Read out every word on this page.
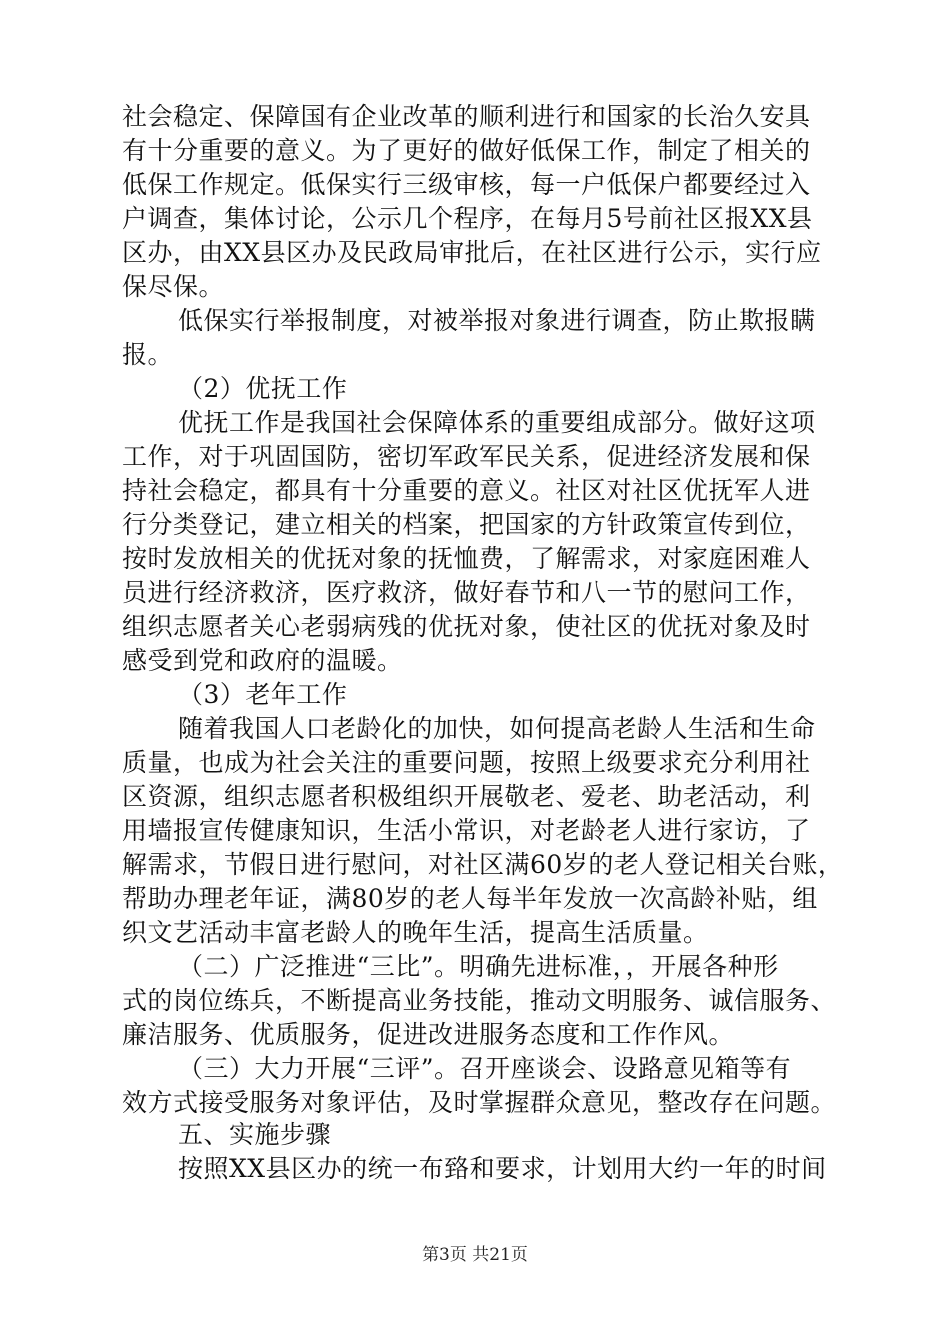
社会稳定、保障国有企业改革的顺利进行和国家的长治久安具
有十分重要的意义。为了更好的做好低保工作，制定了相关的
低保工作规定。低保实行三级审核，每一户低保户都要经过入
户调查，集体讨论，公示几个程序，在每月5号前社区报XX县
区办，由XX县区办及民政局审批后，在社区进行公示，实行应
保尽保。
低保实行举报制度，对被举报对象进行调查，防止欺报瞒
报。
（2）优抚工作
优抚工作是我国社会保障体系的重要组成部分。做好这项
工作，对于巩固国防，密切军政军民关系，促进经济发展和保
持社会稳定，都具有十分重要的意义。社区对社区优抚军人进
行分类登记，建立相关的档案，把国家的方针政策宣传到位，
按时发放相关的优抚对象的抚恤费，了解需求，对家庭困难人
员进行经济救济，医疗救济，做好春节和八一节的慰问工作，
组织志愿者关心老弱病残的优抚对象，使社区的优抚对象及时
感受到党和政府的温暖。
（3）老年工作
随着我国人口老龄化的加快，如何提高老龄人生活和生命
质量，也成为社会关注的重要问题，按照上级要求充分利用社
区资源，组织志愿者积极组织开展敬老、爱老、助老活动，利
用墙报宣传健康知识，生活小常识，对老龄老人进行家访，了
解需求，节假日进行慰问，对社区满60岁的老人登记相关台账，
帮助办理老年证，满80岁的老人每半年发放一次高龄补贴，组
织文艺活动丰富老龄人的晚年生活，提高生活质量。
（二）广泛推进“三比”。明确先进标准，，开展各种形
式的岗位练兵，不断提高业务技能，推动文明服务、诚信服务、
廉洁服务、优质服务，促进改进服务态度和工作作风。
（三）大力开展“三评”。召开座谈会、设路意见箱等有
效方式接受服务对象评估，及时掌握群众意见，整改存在问题。
五、实施步骤
按照XX县区办的统一布臵和要求，计划用大约一年的时间
第3页 共21页
